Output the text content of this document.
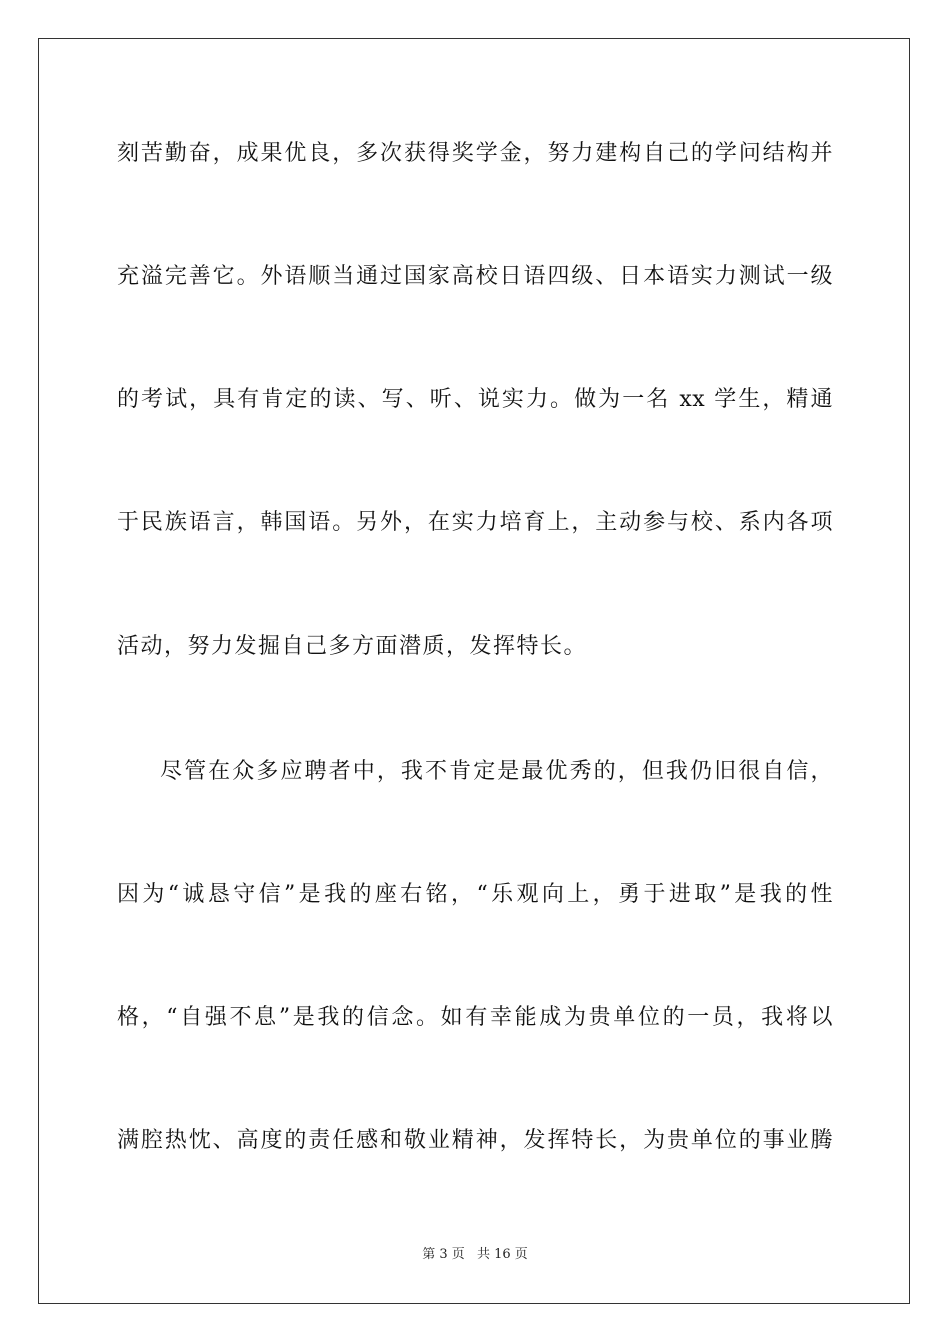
刻苦勤奋，成果优良，多次获得奖学金，努力建构自己的学问结构并
充溢完善它。外语顺当通过国家高校日语四级、日本语实力测试一级
的考试，具有肯定的读、写、听、说实力。做为一名 xx 学生，精通
于民族语言，韩国语。另外，在实力培育上，主动参与校、系内各项
活动，努力发掘自己多方面潜质，发挥特长。
尽管在众多应聘者中，我不肯定是最优秀的，但我仍旧很自信，
因为“诚恳守信”是我的座右铭，“乐观向上，勇于进取”是我的性
格，“自强不息”是我的信念。如有幸能成为贵单位的一员，我将以
满腔热忱、高度的责任感和敬业精神，发挥特长，为贵单位的事业腾
第 3 页 共 16 页
